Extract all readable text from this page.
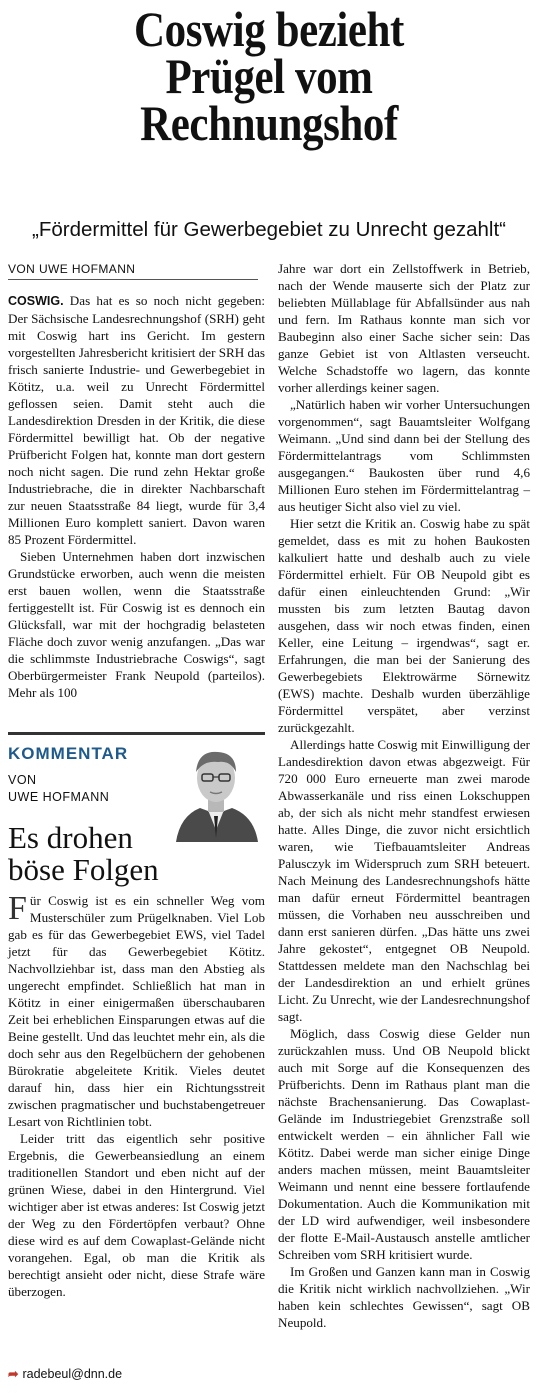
Coswig bezieht
Prügel vom
Rechnungshof
„Fördermittel für Gewerbegebiet zu Unrecht gezahlt“
VON UWE HOFMANN

COSWIG. Das hat es so noch nicht gegeben: Der Sächsische Landesrechnungshof (SRH) geht mit Coswig hart ins Gericht. Im gestern vorgestellten Jahresbericht kritisiert der SRH das frisch sanierte Industrie- und Gewerbegebiet in Kötitz, u.a. weil zu Unrecht Fördermittel geflossen seien. Damit steht auch die Landesdirektion Dresden in der Kritik, die diese Fördermittel bewilligt hat. Ob der negative Prüfbericht Folgen hat, konnte man dort gestern noch nicht sagen. Die rund zehn Hektar große Industriebrache, die in direkter Nachbarschaft zur neuen Staatsstraße 84 liegt, wurde für 3,4 Millionen Euro komplett saniert. Davon waren 85 Prozent Fördermittel.

Sieben Unternehmen haben dort inzwischen Grundstücke erworben, auch wenn die meisten erst bauen wollen, wenn die Staatsstraße fertiggestellt ist. Für Coswig ist es dennoch ein Glücksfall, war mit der hochgradig belasteten Fläche doch zuvor wenig anzufangen. „Das war die schlimmste Industriebrache Coswigs“, sagt Oberbürgermeister Frank Neupold (parteilos). Mehr als 100

KOMMENTAR
VON
UWE HOFMANN
Es drohen
böse Folgen

Für Coswig ist es ein schneller Weg vom Musterschüler zum Prügelknaben. Viel Lob gab es für das Gewerbegebiet EWS, viel Tadel jetzt für das Gewerbegebiet Kötitz. Nachvollziehbar ist, dass man den Abstieg als ungerecht empfindet. Schließlich hat man in Kötitz in einer einigermaßen überschaubaren Zeit bei erheblichen Einsparungen etwas auf die Beine gestellt. Und das leuchtet mehr ein, als die doch sehr aus den Regelbüchern der gehobenen Bürokratie abgeleitete Kritik. Vieles deutet darauf hin, dass hier ein Richtungsstreit zwischen pragmatischer und buchstabengetreuer Lesart von Richtlinien tobt.

Leider tritt das eigentlich sehr positive Ergebnis, die Gewerbeansiedlung an einem traditionellen Standort und eben nicht auf der grünen Wiese, dabei in den Hintergrund. Viel wichtiger aber ist etwas anderes: Ist Coswig jetzt der Weg zu den Fördertöpfen verbaut? Ohne diese wird es auf dem Cowaplast-Gelände nicht vorangehen. Egal, ob man die Kritik als berechtigt ansieht oder nicht, diese Strafe wäre überzogen.

Jahre war dort ein Zellstoffwerk in Betrieb, nach der Wende mauserte sich der Platz zur beliebten Müllablage für Abfallsünder aus nah und fern. Im Rathaus konnte man sich vor Baubeginn also einer Sache sicher sein: Das ganze Gebiet ist von Altlasten verseucht. Welche Schadstoffe wo lagern, das konnte vorher allerdings keiner sagen.

„Natürlich haben wir vorher Untersuchungen vorgenommen“, sagt Bauamtsleiter Wolfgang Weimann. „Und sind dann bei der Stellung des Fördermittelantrags vom Schlimmsten ausgegangen.“ Baukosten über rund 4,6 Millionen Euro stehen im Fördermittelantrag – aus heutiger Sicht also viel zu viel.

Hier setzt die Kritik an. Coswig habe zu spät gemeldet, dass es mit zu hohen Baukosten kalkuliert hatte und deshalb auch zu viele Fördermittel erhielt. Für OB Neupold gibt es dafür einen einleuchtenden Grund: „Wir mussten bis zum letzten Bautag davon ausgehen, dass wir noch etwas finden, einen Keller, eine Leitung – irgendwas“, sagt er. Erfahrungen, die man bei der Sanierung des Gewerbegebiets Elektrowärme Sörnewitz (EWS) machte. Deshalb wurden überzählige Fördermittel verspätet, aber verzinst zurückgezahlt.

Allerdings hatte Coswig mit Einwilligung der Landesdirektion davon etwas abgezweigt. Für 720 000 Euro erneuerte man zwei marode Abwasserkanäle und riss einen Lokschuppen ab, der sich als nicht mehr standfest erwiesen hatte. Alles Dinge, die zuvor nicht ersichtlich waren, wie Tiefbauamtsleiter Andreas Palusczyk im Widerspruch zum SRH beteuert. Nach Meinung des Landesrechnungshofs hätte man dafür erneut Fördermittel beantragen müssen, die Vorhaben neu ausschreiben und dann erst sanieren dürfen. „Das hätte uns zwei Jahre gekostet“, entgegnet OB Neupold. Stattdessen meldete man den Nachschlag bei der Landesdirektion an und erhielt grünes Licht. Zu Unrecht, wie der Landesrechnungshof sagt.

Möglich, dass Coswig diese Gelder nun zurückzahlen muss. Und OB Neupold blickt auch mit Sorge auf die Konsequenzen des Prüfberichts. Denn im Rathaus plant man die nächste Brachensanierung. Das Cowaplast-Gelände im Industriegebiet Grenzstraße soll entwickelt werden – ein ähnlicher Fall wie Kötitz. Dabei werde man sicher einige Dinge anders machen müssen, meint Bauamtsleiter Weimann und nennt eine bessere fortlaufende Dokumentation. Auch die Kommunikation mit der LD wird aufwendiger, weil insbesondere der flotte E-Mail-Austausch anstelle amtlicher Schreiben vom SRH kritisiert wurde.

Im Großen und Ganzen kann man in Coswig die Kritik nicht wirklich nachvollziehen. „Wir haben kein schlechtes Gewissen“, sagt OB Neupold.

➦ radebeul@dnn.de
